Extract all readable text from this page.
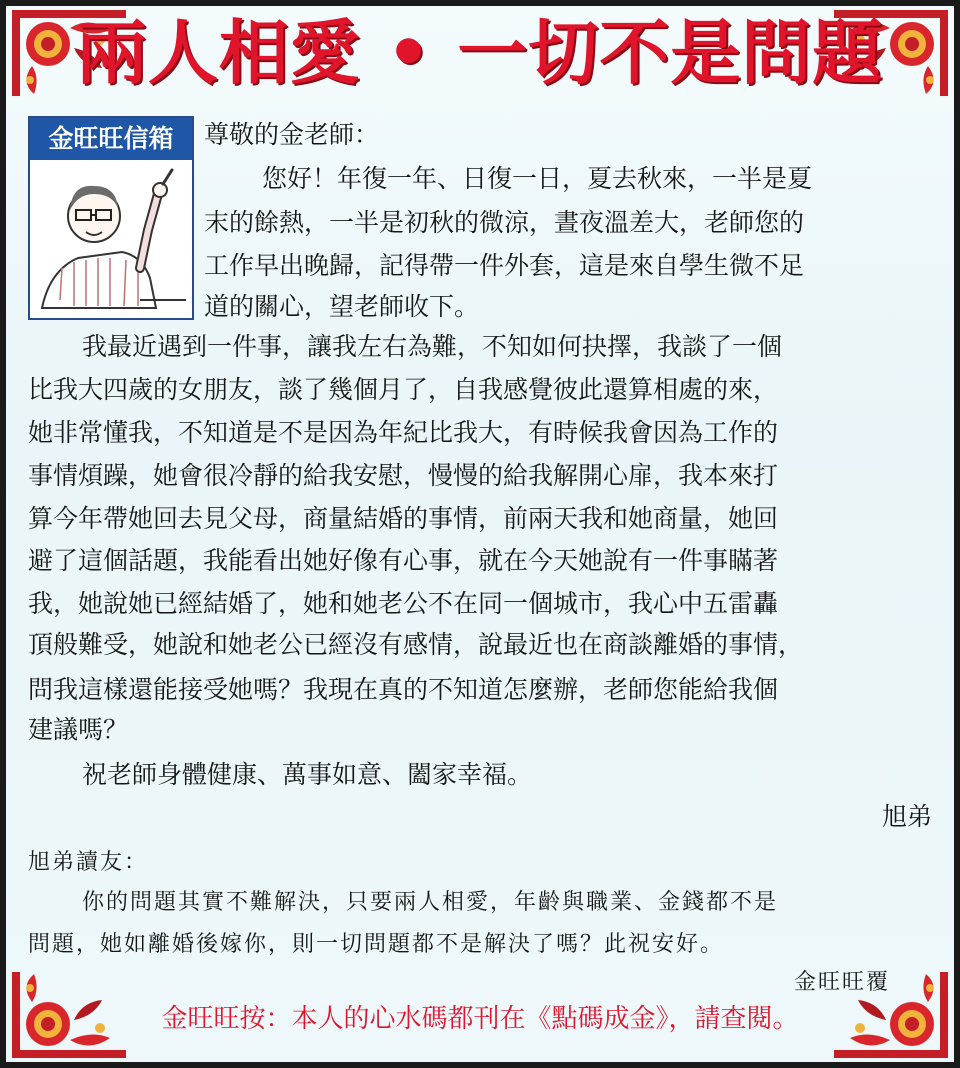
兩人相愛 • 一切不是問題
金旺旺信箱	尊敬的金老師：
您好！年復一年、日復一日，夏去秋來，一半是夏
末的餘熱，一半是初秋的微涼，晝夜溫差大，老師您的
工作早出晚歸，記得帶一件外套，這是來自學生微不足
道的關心，望老師收下。
我最近遇到一件事，讓我左右為難，不知如何抉擇，我談了一個
比我大四歲的女朋友，談了幾個月了，自我感覺彼此還算相處的來，
她非常懂我，不知道是不是因為年紀比我大，有時候我會因為工作的
事情煩躁，她會很冷靜的給我安慰，慢慢的給我解開心扉，我本來打
算今年帶她回去見父母，商量結婚的事情，前兩天我和她商量，她回
避了這個話題，我能看出她好像有心事，就在今天她說有一件事瞞著
我，她說她已經結婚了，她和她老公不在同一個城市，我心中五雷轟
頂般難受，她說和她老公已經沒有感情，說最近也在商談離婚的事情，
問我這樣還能接受她嗎？我現在真的不知道怎麼辦，老師您能給我個
建議嗎？
祝老師身體健康、萬事如意、闔家幸福。
旭弟
旭弟讀友：
你的問題其實不難解決，只要兩人相愛，年齡與職業、金錢都不是
問題，她如離婚後嫁你，則一切問題都不是解決了嗎？此祝安好。
金旺旺覆
金旺旺按：本人的心水碼都刊在《點碼成金》，請查閱。
